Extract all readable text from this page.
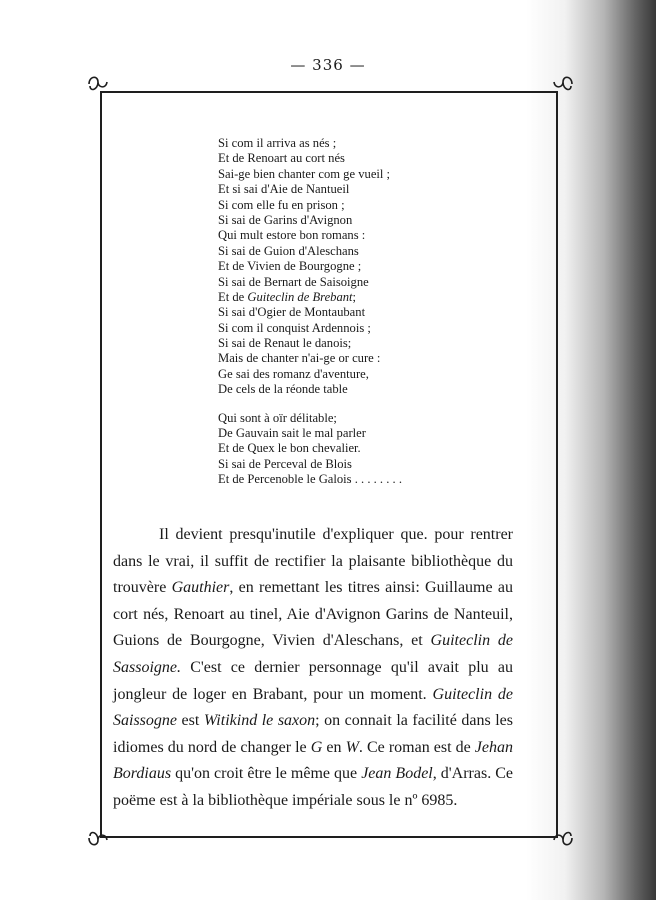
— 336 —
Si com il arriva as nés ;
Et de Renoart au cort nés
Sai-ge bien chanter com ge vueil ;
Et si sai d'Aie de Nantueil
Si com elle fu en prison ;
Si sai de Garins d'Avignon
Qui mult estore bon romans :
Si sai de Guion d'Aleschans
Et de Vivien de Bourgogne ;
Si sai de Bernart de Saisoigne
Et de Guiteclin de Brebant;
Si sai d'Ogier de Montaubant
Si com il conquist Ardennois ;
Si sai de Renaut le danois;
Mais de chanter n'ai-ge or cure :
Ge sai des romanz d'aventure,
De cels de la réonde table
Qui sont à oïr délitable;
De Gauvain sait le mal parler
Et de Quex le bon chevalier.
Si sai de Perceval de Blois
Et de Percenoble le Galois . . . . . . . .

Il devient presqu'inutile d'expliquer que. pour rentrer dans le vrai, il suffit de rectifier la plaisante bibliothèque du trouvère Gauthier, en remettant les titres ainsi: Guillaume au cort nés, Renoart au tinel, Aie d'Avignon Garins de Nanteuil, Guions de Bourgogne, Vivien d'Aleschans, et Guiteclin de Sassoigne. C'est ce dernier personnage qu'il avait plu au jongleur de loger en Brabant, pour un moment. Guiteclin de Saissogne est Witikind le saxon; on connait la facilité dans les idiomes du nord de changer le G en W. Ce roman est de Jehan Bordiaus qu'on croit être le même que Jean Bodel, d'Arras. Ce poëme est à la bibliothèque impériale sous le nº 6985.
